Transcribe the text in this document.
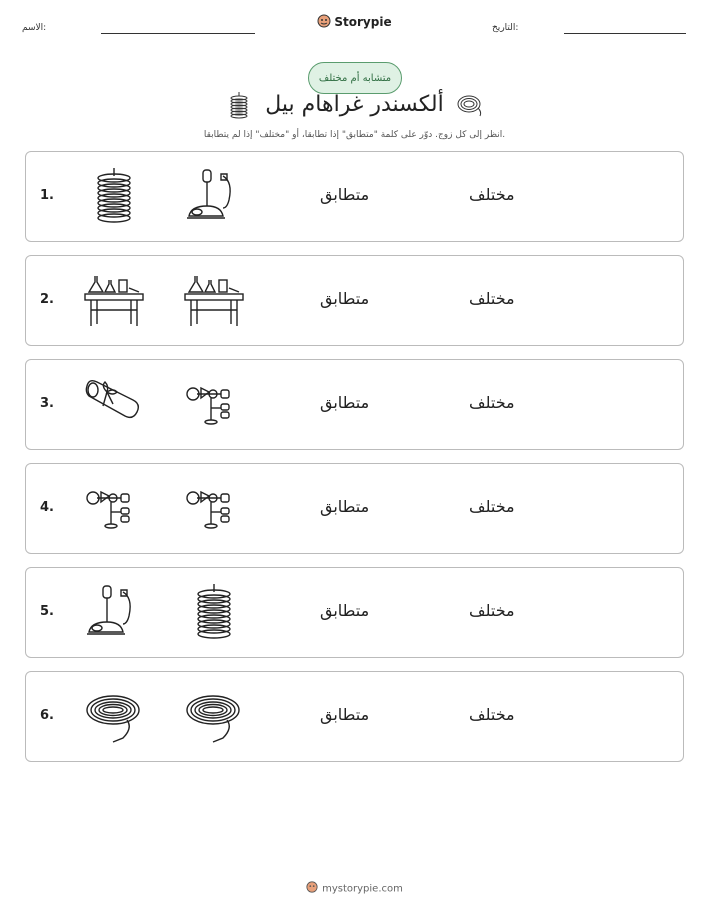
الاسم:	Storypie	التاريخ:
متشابه أم مختلف
ألكسندر غراهام بيل
انظر إلى كل زوج. دوّر على كلمة "متطابق" إذا تطابقا، أو "مختلف" إذا لم يتطابقا.
1.	متطابق	مختلف
2.	متطابق	مختلف
3.	متطابق	مختلف
4.	متطابق	مختلف
5.	متطابق	مختلف
6.	متطابق	مختلف
mystorypie.com
